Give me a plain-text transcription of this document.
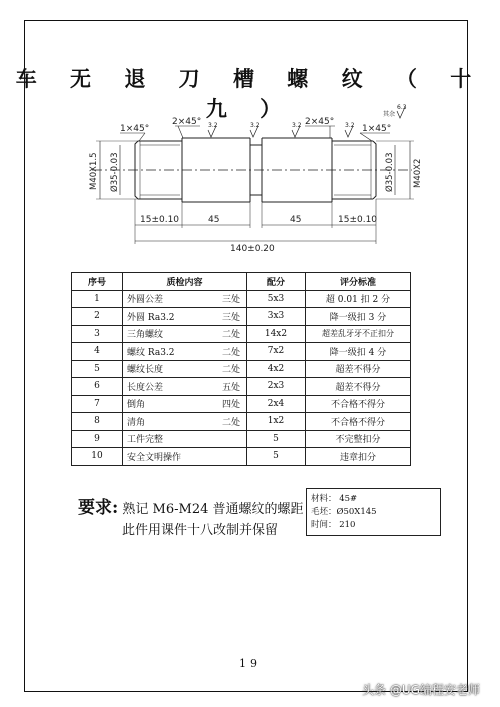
车 无 退 刀 槽 螺 纹 （ 十 九 ）
1×45°
2×45°	2×45°
1×45°
3.2	3.2	3.2	3.2
其余
6.3
15±0.10	45	45	15±0.10
140±0.20
M40X1.5 Ø35-0.03	Ø35-0.03 M40X2
序号	质检内容	配分	评分标准
1	外圆公差 三处	5x3	超 0.01 扣 2 分
2	外圆 Ra3.2 三处	3x3	降一级扣 3 分
3	三角螺纹 二处	14x2	超差乱牙牙不正扣分
4	螺纹 Ra3.2 二处	7x2	降一级扣 4 分
5	螺纹长度 二处	4x2	超差不得分
6	长度公差 五处	2x3	超差不得分
7	倒角 四处	2x4	不合格不得分
8	清角 二处	1x2	不合格不得分
9	工件完整	5	不完整扣分
10	安全文明操作	5	违章扣分
要求: 熟记 M6-M24 普通螺纹的螺距
此件用课件十八改制并保留
材料： 45#
毛坯：Ø50X145
时间： 210
19
头条 @UG编程安老师
